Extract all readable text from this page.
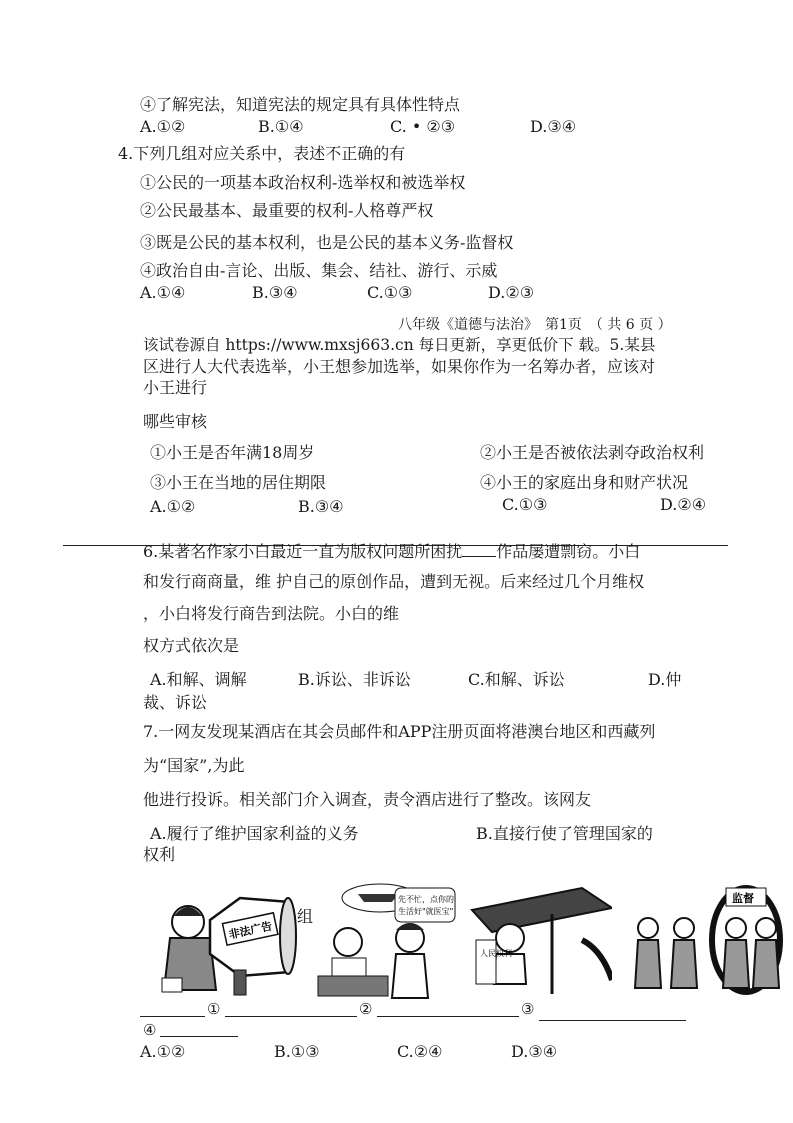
④了解宪法，知道宪法的规定具有具体性特点
A.①②	B.①④	C. • ②③	D.③④
4.下列几组对应关系中，表述不正确的有
①公民的一项基本政治权利-选举权和被选举权
②公民最基本、最重要的权利-人格尊严权
③既是公民的基本权利，也是公民的基本义务-监督权
④政治自由-言论、出版、集会、结社、游行、示威
A.①④	B.③④	C.①③	D.②③
八年级《道德与法治》　第1页　（ 共 6 页 ）
该试卷源自 https://www.mxsj663.cn 每日更新，享更低价下 载。5.某县
区进行人大代表选举，小王想参加选举，如果你作为一名筹办者，应该对
小王进行
哪些审核
①小王是否年满18周岁	②小王是否被依法剥夺政治权利
③小王在当地的居住期限	④小王的家庭出身和财产状况
A.①②	B.③④	C.①③	D.②④
6.某著名作家小白最近一直为版权问题所困扰 作品屡遭剽窃。小白
和发行商商量，维 护自己的原创作品，遭到无视。后来经过几个月维权
，小白将发行商告到法院。小白的维
权方式依次是
A.和解、调解	B.诉讼、非诉讼	C.和解、诉讼	D.仲
裁、诉讼
7.一网友发现某酒店在其会员邮件和APP注册页面将港澳台地区和西藏列
为“国家”,为此
他进行投诉。相关部门介入调查，责令酒店进行了整改。该网友
A.履行了维护国家利益的义务	B.直接行使了管理国家的
权利
非法广告
先不忙，点你的
生活好"就医宝"
人民权利
监督
组
①	②	③
④
A.①②	B.①③	C.②④	D.③④
